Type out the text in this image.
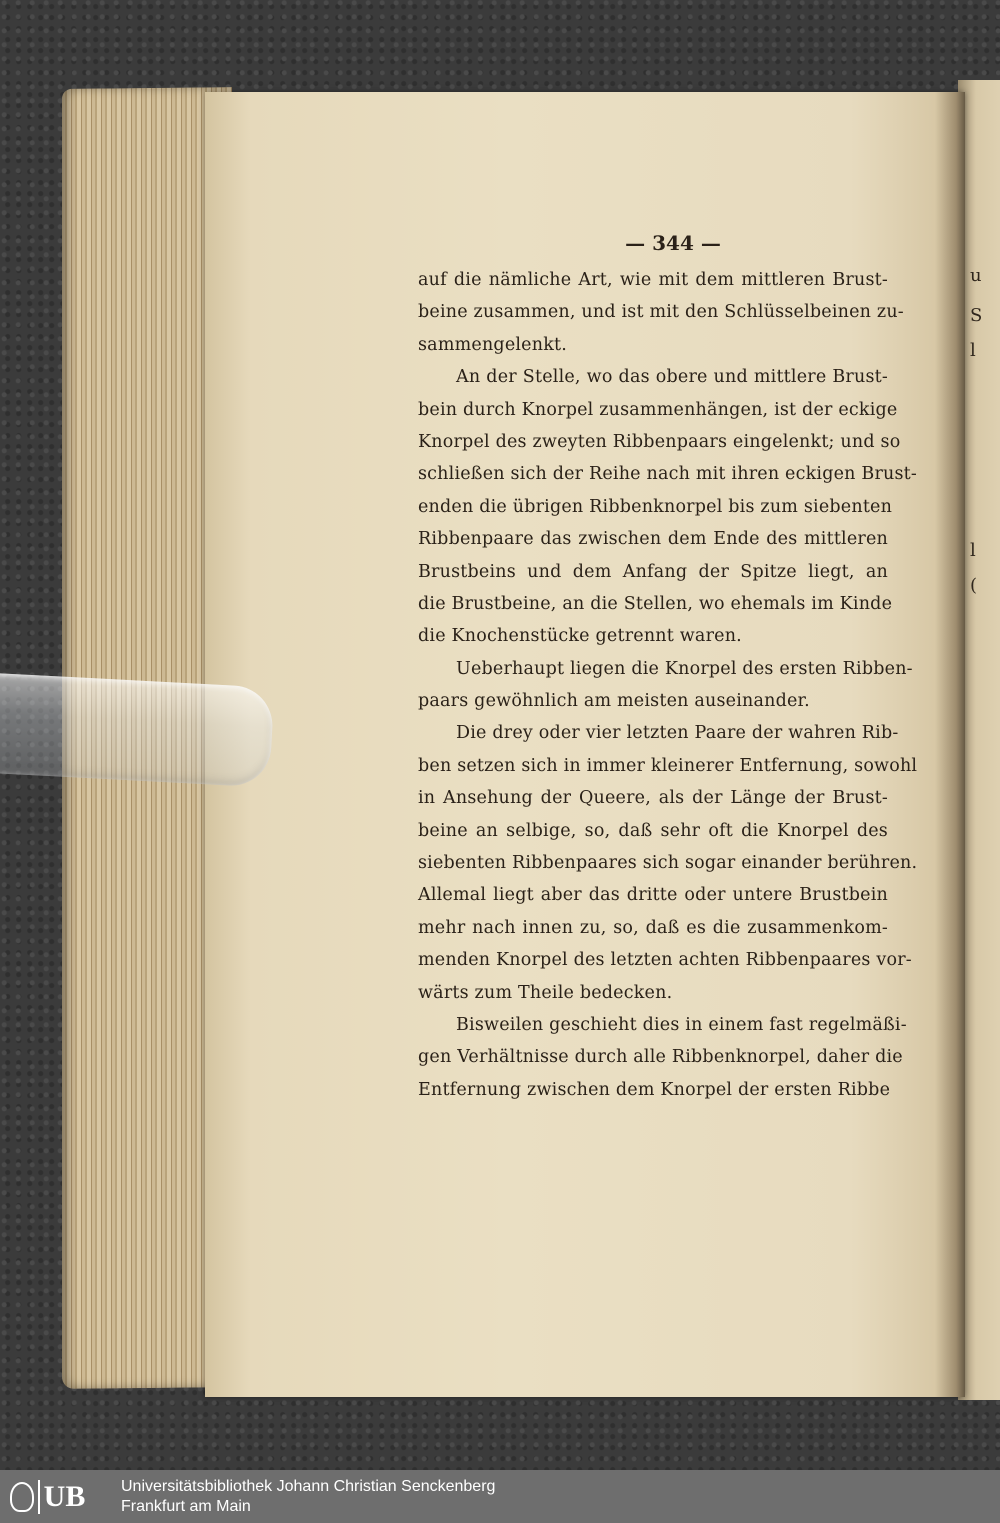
u
S
l
l
(
— 344 —
auf die nämliche Art, wie mit dem mittleren Brust-
beine zusammen, und ist mit den Schlüsselbeinen zu-
sammengelenkt.
An der Stelle, wo das obere und mittlere Brust-
bein durch Knorpel zusammenhängen, ist der eckige
Knorpel des zweyten Ribbenpaars eingelenkt; und so
schließen sich der Reihe nach mit ihren eckigen Brust-
enden die übrigen Ribbenknorpel bis zum siebenten
Ribbenpaare das zwischen dem Ende des mittleren
Brustbeins und dem Anfang der Spitze liegt, an
die Brustbeine, an die Stellen, wo ehemals im Kinde
die Knochenstücke getrennt waren.
Ueberhaupt liegen die Knorpel des ersten Ribben-
paars gewöhnlich am meisten auseinander.
Die drey oder vier letzten Paare der wahren Rib-
ben setzen sich in immer kleinerer Entfernung, sowohl
in Ansehung der Queere, als der Länge der Brust-
beine an selbige, so, daß sehr oft die Knorpel des
siebenten Ribbenpaares sich sogar einander berühren.
Allemal liegt aber das dritte oder untere Brustbein
mehr nach innen zu, so, daß es die zusammenkom-
menden Knorpel des letzten achten Ribbenpaares vor-
wärts zum Theile bedecken.
Bisweilen geschieht dies in einem fast regelmäßi-
gen Verhältnisse durch alle Ribbenknorpel, daher die
Entfernung zwischen dem Knorpel der ersten Ribbe
UB Universitätsbibliothek Johann Christian Senckenberg
Frankfurt am Main
